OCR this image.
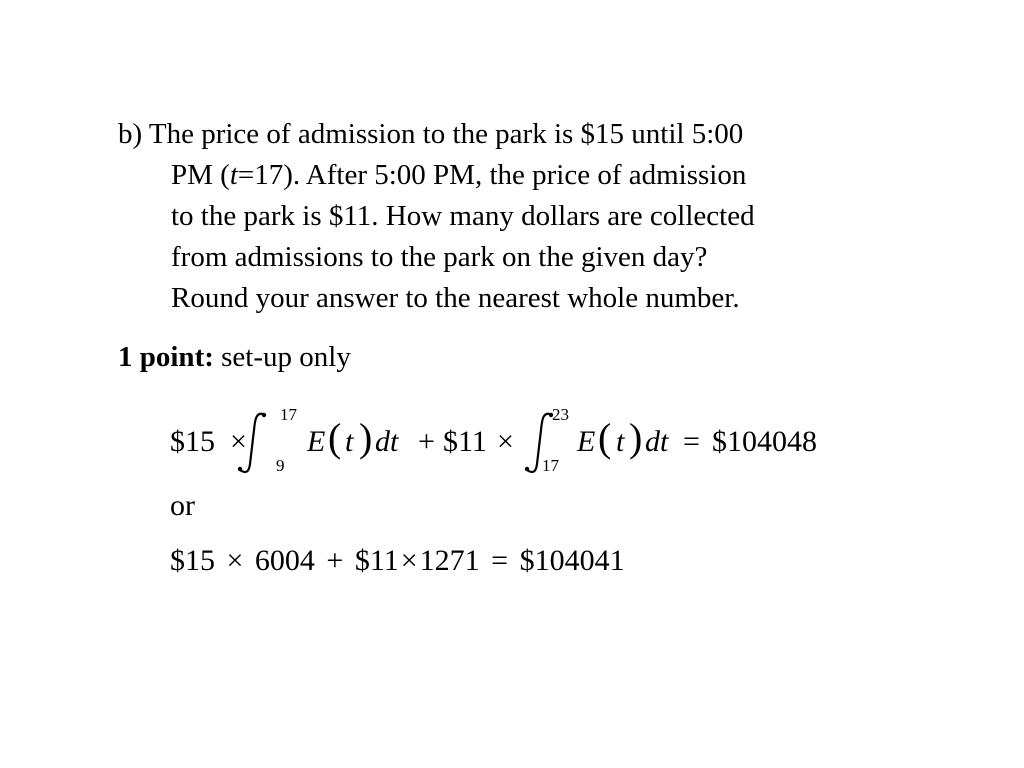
b) The price of admission to the park is $15 until 5:00
PM (t=17). After 5:00 PM, the price of admission
to the park is $11. How many dollars are collected
from admissions to the park on the given day?
Round your answer to the nearest whole number.
1 point: set-up only
$15 ×
17
9
E ( t ) dt + $11 ×
23
17
E ( t ) dt = $104048
or
$15 × 6004 + $11×1271 = $104041
